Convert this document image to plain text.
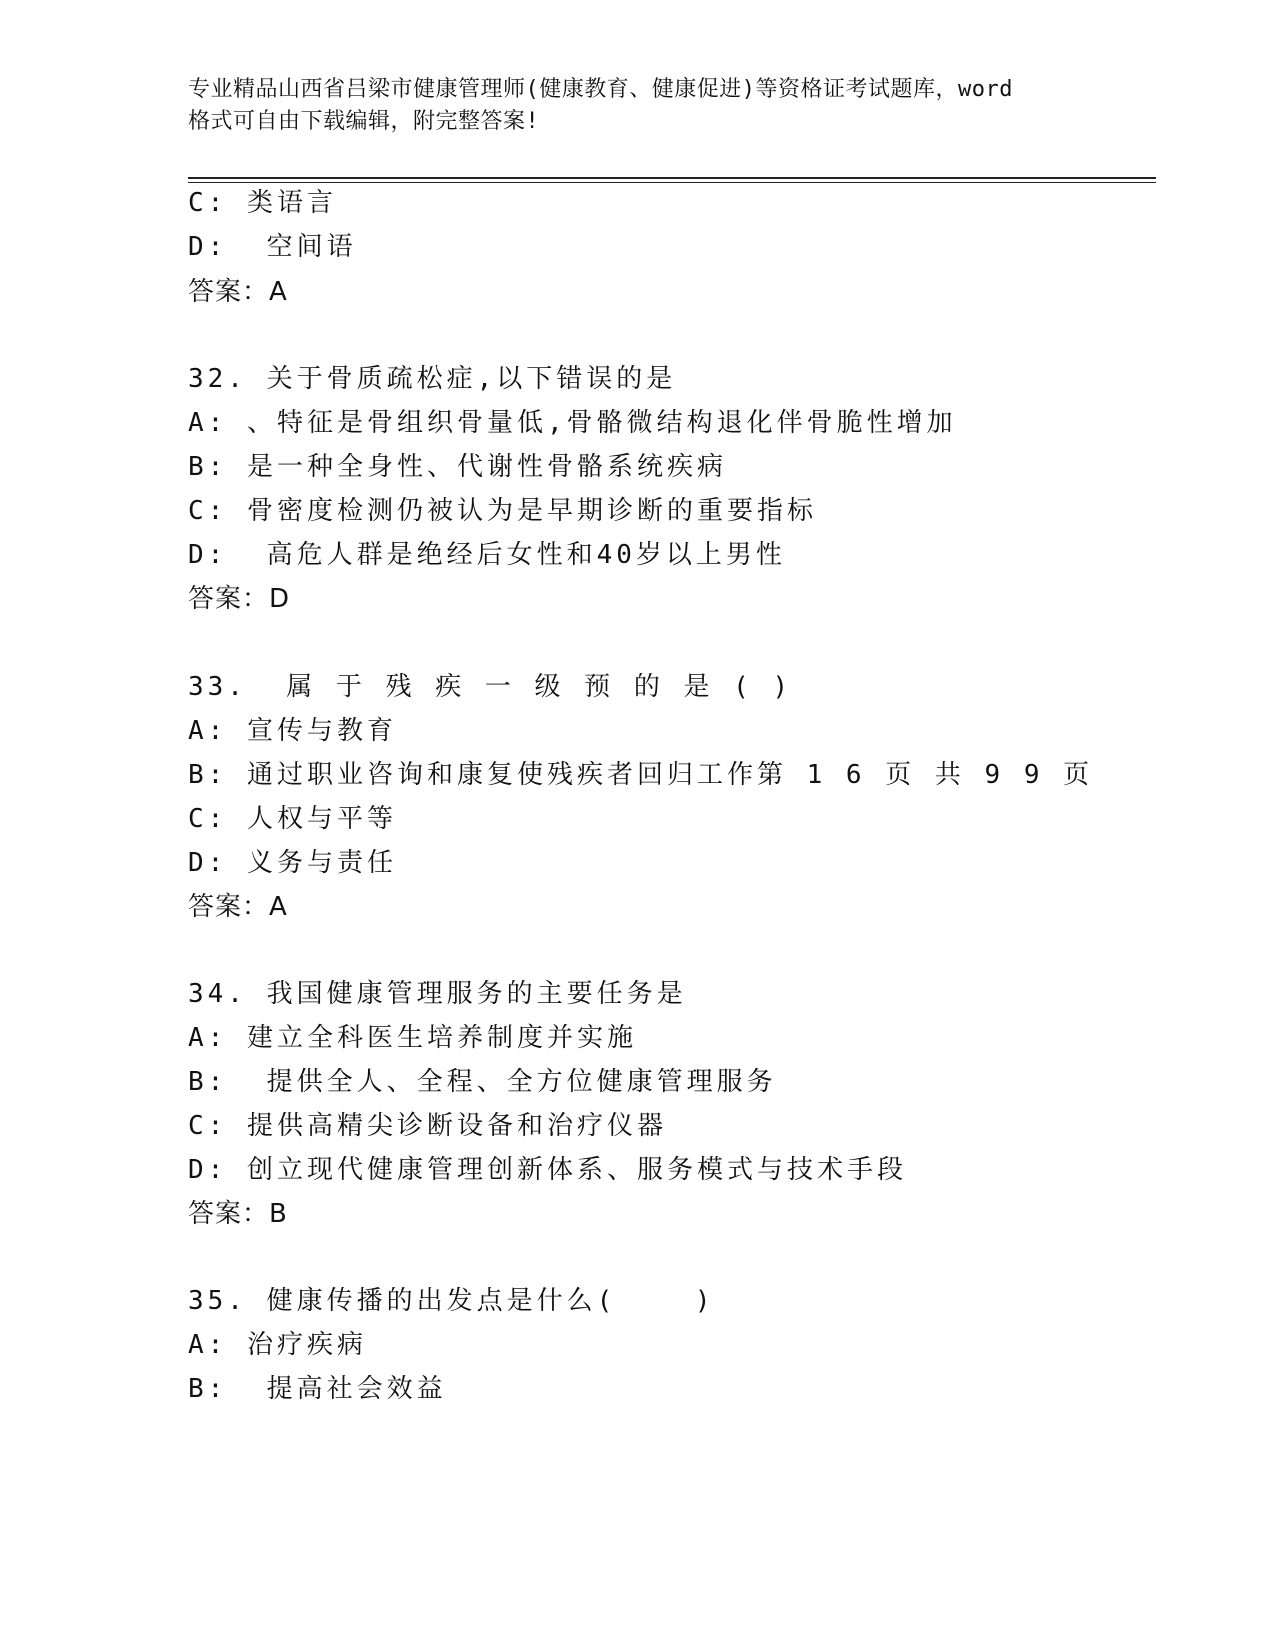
专业精品山西省吕梁市健康管理师(健康教育、健康促进)等资格证考试题库，word
格式可自由下载编辑，附完整答案!
C: 类语言
D:  空间语
答案：A
32. 关于骨质疏松症,以下错误的是
A: 、特征是骨组织骨量低,骨骼微结构退化伴骨脆性增加
B: 是一种全身性、代谢性骨骼系统疾病
C: 骨密度检测仍被认为是早期诊断的重要指标
D:  高危人群是绝经后女性和40岁以上男性
答案：D
33.  属 于 残 疾 一 级 预 的 是 ( )
A: 宣传与教育
B: 通过职业咨询和康复使残疾者回归工作第 1 6 页 共 9 9 页
C: 人权与平等
D: 义务与责任
答案：A
34. 我国健康管理服务的主要任务是
A: 建立全科医生培养制度并实施
B:  提供全人、全程、全方位健康管理服务
C: 提供高精尖诊断设备和治疗仪器
D: 创立现代健康管理创新体系、服务模式与技术手段
答案：B
35. 健康传播的出发点是什么(    )
A: 治疗疾病
B:  提高社会效益
